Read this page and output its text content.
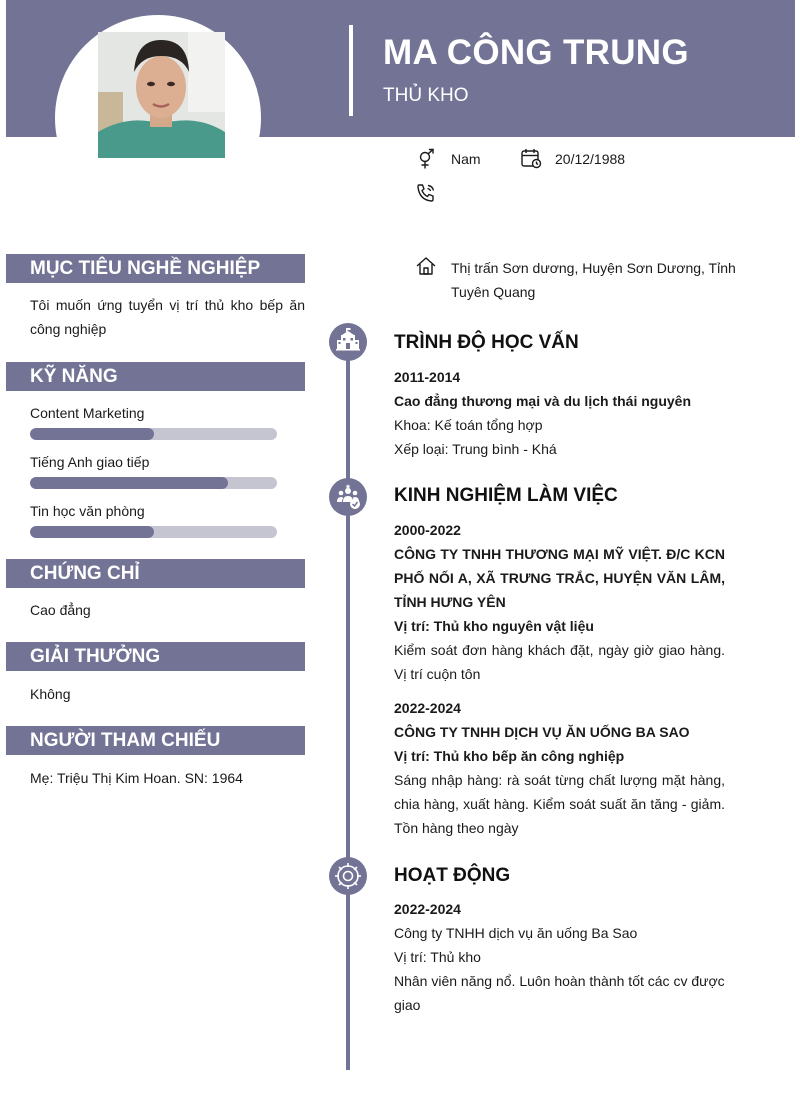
MA CÔNG TRUNG
THỦ KHO
Nam	20/12/1988
Thị trấn Sơn dương, Huyện Sơn Dương, Tỉnh Tuyên Quang
MỤC TIÊU NGHỀ NGHIỆP
Tôi muốn ứng tuyển vị trí thủ kho bếp ăn công nghiệp
KỸ NĂNG
Content Marketing
Tiếng Anh giao tiếp
Tin học văn phòng
CHỨNG CHỈ
Cao đẳng
GIẢI THƯỞNG
Không
NGƯỜI THAM CHIẾU
Mẹ: Triệu Thị Kim Hoan. SN: 1964
TRÌNH ĐỘ HỌC VẤN
2011-2014
Cao đẳng thương mại và du lịch thái nguyên
Khoa: Kế toán tổng hợp
Xếp loại: Trung bình - Khá
KINH NGHIỆM LÀM VIỆC
2000-2022
CÔNG TY TNHH THƯƠNG MẠI MỸ VIỆT. Đ/C KCN PHỐ NỐI A, XÃ TRƯNG TRẮC, HUYỆN VĂN LÂM, TỈNH HƯNG YÊN
Vị trí: Thủ kho nguyên vật liệu
Kiểm soát đơn hàng khách đặt, ngày giờ giao hàng. Vị trí cuộn tôn
2022-2024
CÔNG TY TNHH DỊCH VỤ ĂN UỐNG BA SAO
Vị trí: Thủ kho bếp ăn công nghiệp
Sáng nhập hàng: rà soát từng chất lượng mặt hàng, chia hàng, xuất hàng. Kiểm soát suất ăn tăng - giảm. Tồn hàng theo ngày
HOẠT ĐỘNG
2022-2024
Công ty TNHH dịch vụ ăn uống Ba Sao
Vị trí: Thủ kho
Nhân viên năng nổ. Luôn hoàn thành tốt các cv được giao
